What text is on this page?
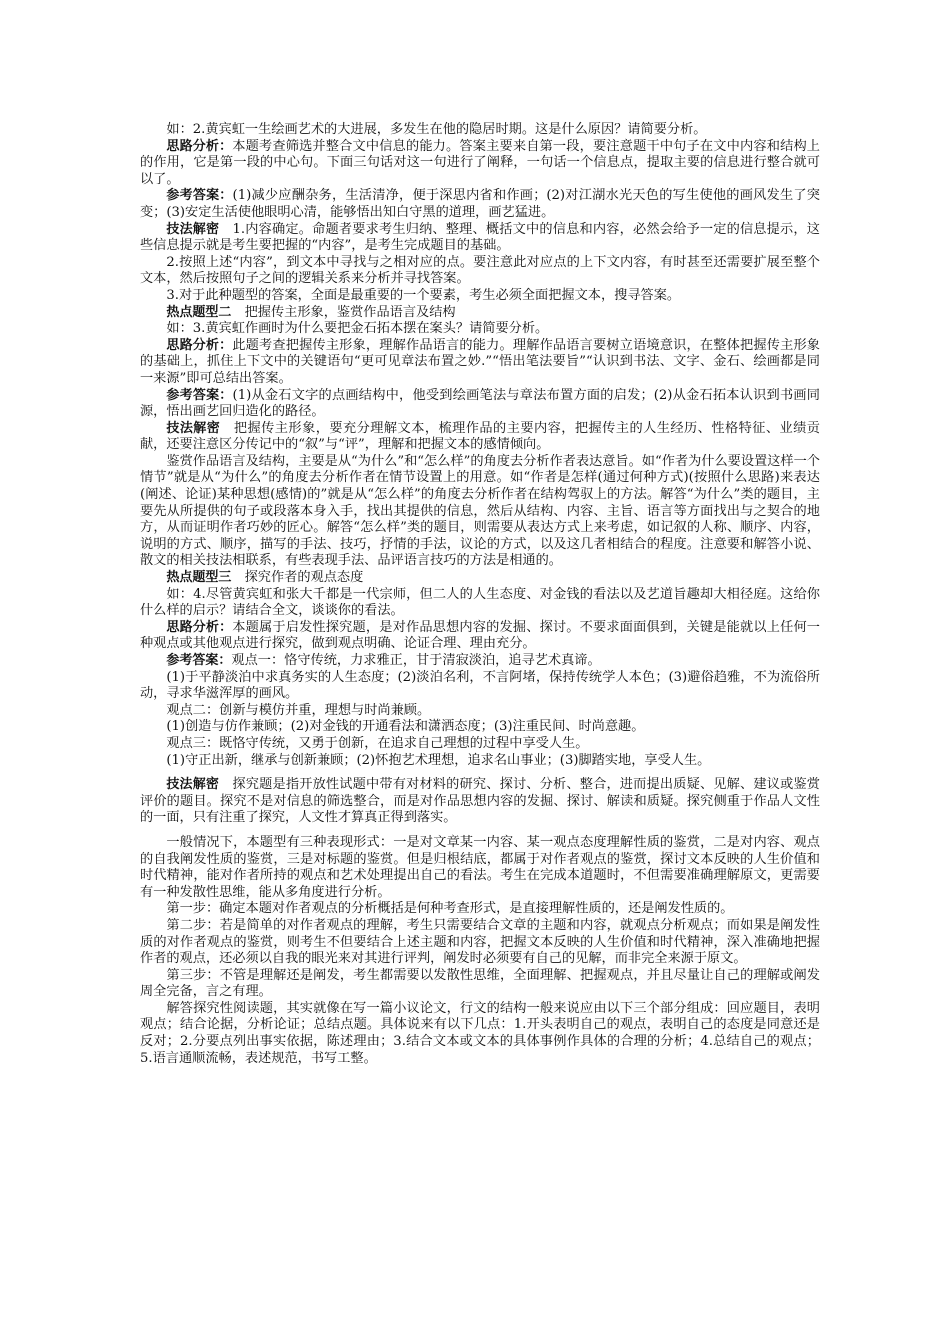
如：2.黄宾虹一生绘画艺术的大进展，多发生在他的隐居时期。这是什么原因？请简要分析。

思路分析：本题考查筛选并整合文中信息的能力。答案主要来自第一段，要注意题干中句子在文中内容和结构上的作用，它是第一段的中心句。下面三句话对这一句进行了阐释，一句话一个信息点，提取主要的信息进行整合就可以了。

参考答案：(1)减少应酬杂务，生活清净，便于深思内省和作画；(2)对江湖水光天色的写生使他的画风发生了突变；(3)安定生活使他眼明心清，能够悟出知白守黑的道理，画艺猛进。

技法解密　1.内容确定。命题者要求考生归纳、整理、概括文中的信息和内容，必然会给予一定的信息提示，这些信息提示就是考生要把握的“内容”，是考生完成题目的基础。

2.按照上述“内容”，到文本中寻找与之相对应的点。要注意此对应点的上下文内容，有时甚至还需要扩展至整个文本，然后按照句子之间的逻辑关系来分析并寻找答案。

3.对于此种题型的答案，全面是最重要的一个要素，考生必须全面把握文本，搜寻答案。

热点题型二　把握传主形象，鉴赏作品语言及结构

如：3.黄宾虹作画时为什么要把金石拓本摆在案头？请简要分析。

思路分析：此题考查把握传主形象，理解作品语言的能力。理解作品语言要树立语境意识，在整体把握传主形象的基础上，抓住上下文中的关键语句“更可见章法布置之妙.”“悟出笔法要旨”“认识到书法、文字、金石、绘画都是同一来源”即可总结出答案。

参考答案：(1)从金石文字的点画结构中，他受到绘画笔法与章法布置方面的启发；(2)从金石拓本认识到书画同源，悟出画艺回归造化的路径。

技法解密　把握传主形象，要充分理解文本，梳理作品的主要内容，把握传主的人生经历、性格特征、业绩贡献，还要注意区分传记中的“叙”与“评”，理解和把握文本的感情倾向。

鉴赏作品语言及结构，主要是从“为什么”和“怎么样”的角度去分析作者表达意旨。如“作者为什么要设置这样一个情节”就是从“为什么”的角度去分析作者在情节设置上的用意。如“作者是怎样(通过何种方式)(按照什么思路)来表达(阐述、论证)某种思想(感情)的”就是从“怎么样”的角度去分析作者在结构驾驭上的方法。解答“为什么”类的题目，主要先从所提供的句子或段落本身入手，找出其提供的信息，然后从结构、内容、主旨、语言等方面找出与之契合的地方，从而证明作者巧妙的匠心。解答“怎么样”类的题目，则需要从表达方式上来考虑，如记叙的人称、顺序、内容，说明的方式、顺序，描写的手法、技巧，抒情的手法，议论的方式，以及这几者相结合的程度。注意要和解答小说、散文的相关技法相联系，有些表现手法、品评语言技巧的方法是相通的。

热点题型三　探究作者的观点态度

如：4.尽管黄宾虹和张大千都是一代宗师，但二人的人生态度、对金钱的看法以及艺道旨趣却大相径庭。这给你什么样的启示？请结合全文，谈谈你的看法。

思路分析：本题属于启发性探究题，是对作品思想内容的发掘、探讨。不要求面面俱到，关键是能就以上任何一种观点或其他观点进行探究，做到观点明确、论证合理、理由充分。

参考答案：观点一：恪守传统，力求雅正，甘于清寂淡泊，追寻艺术真谛。

(1)于平静淡泊中求真务实的人生态度；(2)淡泊名利，不言阿堵，保持传统学人本色；(3)避俗趋雅，不为流俗所动，寻求华滋浑厚的画风。

观点二：创新与模仿并重，理想与时尚兼顾。

(1)创造与仿作兼顾；(2)对金钱的开通看法和潇洒态度；(3)注重民间、时尚意趣。

观点三：既恪守传统，又勇于创新，在追求自己理想的过程中享受人生。

(1)守正出新，继承与创新兼顾；(2)怀抱艺术理想，追求名山事业；(3)脚踏实地，享受人生。

技法解密　探究题是指开放性试题中带有对材料的研究、探讨、分析、整合，进而提出质疑、见解、建议或鉴赏评价的题目。探究不是对信息的筛选整合，而是对作品思想内容的发掘、探讨、解读和质疑。探究侧重于作品人文性的一面，只有注重了探究，人文性才算真正得到落实。

一般情况下，本题型有三种表现形式：一是对文章某一内容、某一观点态度理解性质的鉴赏，二是对内容、观点的自我阐发性质的鉴赏，三是对标题的鉴赏。但是归根结底，都属于对作者观点的鉴赏，探讨文本反映的人生价值和时代精神，能对作者所持的观点和艺术处理提出自己的看法。考生在完成本道题时，不但需要准确理解原文，更需要有一种发散性思维，能从多角度进行分析。

第一步：确定本题对作者观点的分析概括是何种考查形式，是直接理解性质的，还是阐发性质的。

第二步：若是简单的对作者观点的理解，考生只需要结合文章的主题和内容，就观点分析观点；而如果是阐发性质的对作者观点的鉴赏，则考生不但要结合上述主题和内容，把握文本反映的人生价值和时代精神，深入准确地把握作者的观点，还必须以自我的眼光来对其进行评判，阐发时必须要有自己的见解，而非完全来源于原文。

第三步：不管是理解还是阐发，考生都需要以发散性思维，全面理解、把握观点，并且尽量让自己的理解或阐发周全完备，言之有理。

解答探究性阅读题，其实就像在写一篇小议论文，行文的结构一般来说应由以下三个部分组成：回应题目，表明观点；结合论据，分析论证；总结点题。具体说来有以下几点：1.开头表明自己的观点，表明自己的态度是同意还是反对；2.分要点列出事实依据，陈述理由；3.结合文本或文本的具体事例作具体的合理的分析；4.总结自己的观点；5.语言通顺流畅，表述规范，书写工整。
